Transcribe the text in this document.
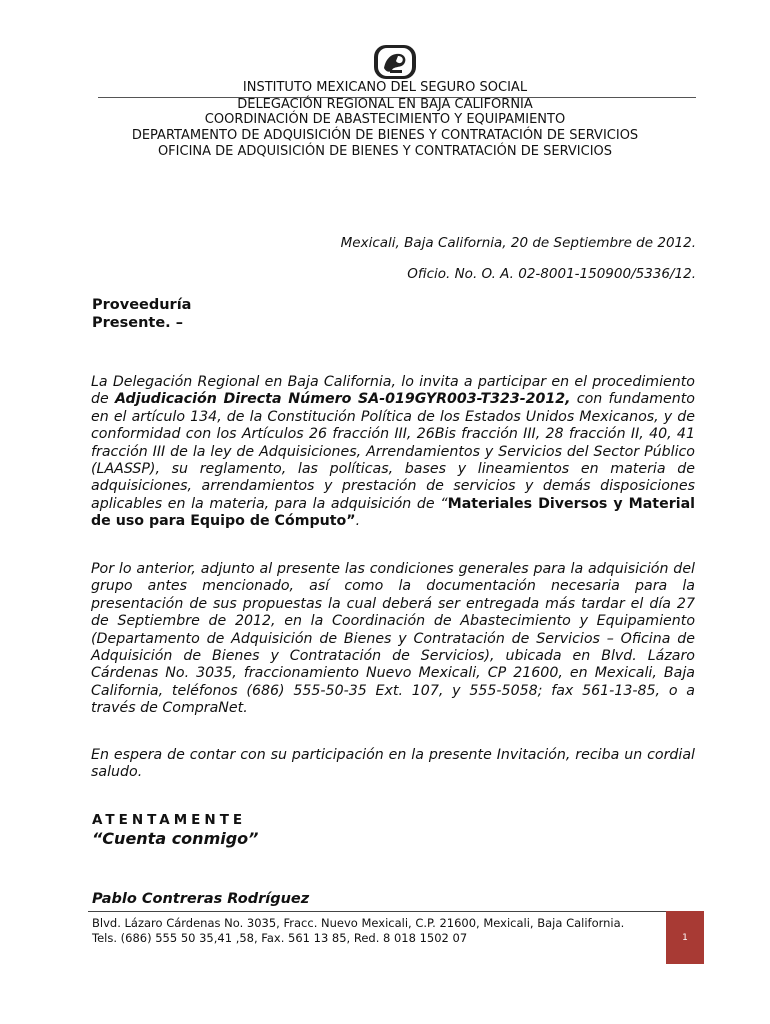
INSTITUTO MEXICANO DEL SEGURO SOCIAL
DELEGACIÓN REGIONAL EN BAJA CALIFORNIA
COORDINACIÓN DE ABASTECIMIENTO Y EQUIPAMIENTO
DEPARTAMENTO DE ADQUISICIÓN DE BIENES Y CONTRATACIÓN DE SERVICIOS
OFICINA DE ADQUISICIÓN DE BIENES Y CONTRATACIÓN DE SERVICIOS
Mexicali, Baja California, 20 de Septiembre de 2012.
Oficio. No. O. A. 02-8001-150900/5336/12.
Proveeduría
Presente. –

La Delegación Regional en Baja California, lo invita a participar en el procedimiento de Adjudicación Directa Número SA-019GYR003-T323-2012, con fundamento en el artículo 134, de la Constitución Política de los Estados Unidos Mexicanos, y de conformidad con los Artículos 26 fracción III, 26Bis fracción III, 28 fracción II, 40, 41 fracción III de la ley de Adquisiciones, Arrendamientos y Servicios del Sector Público (LAASSP), su reglamento, las políticas, bases y lineamientos en materia de adquisiciones, arrendamientos y prestación de servicios y demás disposiciones aplicables en la materia, para la adquisición de “Materiales Diversos y Material de uso para Equipo de Cómputo”.

Por lo anterior, adjunto al presente las condiciones generales para la adquisición del grupo antes mencionado, así como la documentación necesaria para la presentación de sus propuestas la cual deberá ser entregada más tardar el día 27 de Septiembre de 2012, en la Coordinación de Abastecimiento y Equipamiento (Departamento de Adquisición de Bienes y Contratación de Servicios – Oficina de Adquisición de Bienes y Contratación de Servicios), ubicada en Blvd. Lázaro Cárdenas No. 3035, fraccionamiento Nuevo Mexicali, CP 21600, en Mexicali, Baja California, teléfonos (686) 555-50-35 Ext. 107, y 555-5058; fax 561-13-85, o a través de CompraNet.

En espera de contar con su participación en la presente Invitación, reciba un cordial saludo.

ATENTAMENTE
“Cuenta conmigo”
Pablo Contreras Rodríguez
Blvd. Lázaro Cárdenas No. 3035, Fracc. Nuevo Mexicali, C.P. 21600, Mexicali, Baja California.
Tels. (686) 555 50 35,41 ,58, Fax. 561 13 85, Red. 8 018 1502 07	1
